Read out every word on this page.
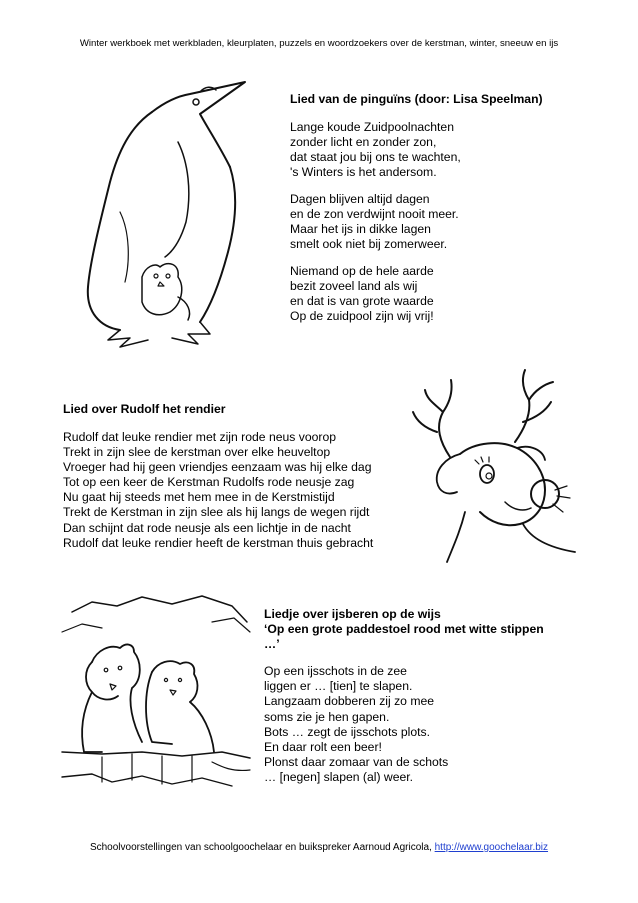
Winter werkboek met werkbladen, kleurplaten, puzzels en woordzoekers over de kerstman, winter, sneeuw en ijs
Lied van de pinguïns (door: Lisa Speelman)
Lange koude Zuidpoolnachten
zonder licht en zonder zon,
dat staat jou bij ons te wachten,
's Winters is het andersom.
Dagen blijven altijd dagen
en de zon verdwijnt nooit meer.
Maar het ijs in dikke lagen
smelt ook niet bij zomerweer.
Niemand op de hele aarde
bezit zoveel land als wij
en dat is van grote waarde
Op de zuidpool zijn wij vrij!
Lied over Rudolf het rendier
Rudolf dat leuke rendier met zijn rode neus voorop
Trekt in zijn slee de kerstman over elke heuveltop
Vroeger had hij geen vriendjes eenzaam was hij elke dag
Tot op een keer de Kerstman Rudolfs rode neusje zag
Nu gaat hij steeds met hem mee in de Kerstmistijd
Trekt de Kerstman in zijn slee als hij langs de wegen rijdt
Dan schijnt dat rode neusje als een lichtje in de nacht
Rudolf dat leuke rendier heeft de kerstman thuis gebracht
Liedje over ijsberen op de wijs
‘Op een grote paddestoel rood met witte stippen
…’
Op een ijsschots in de zee
liggen er … [tien] te slapen.
Langzaam dobberen zij zo mee
soms zie je hen gapen.
Bots … zegt de ijsschots plots.
En daar rolt een beer!
Plonst daar zomaar van de schots
… [negen] slapen (al) weer.
Schoolvoorstellingen van schoolgoochelaar en buikspreker Aarnoud Agricola, http://www.goochelaar.biz
